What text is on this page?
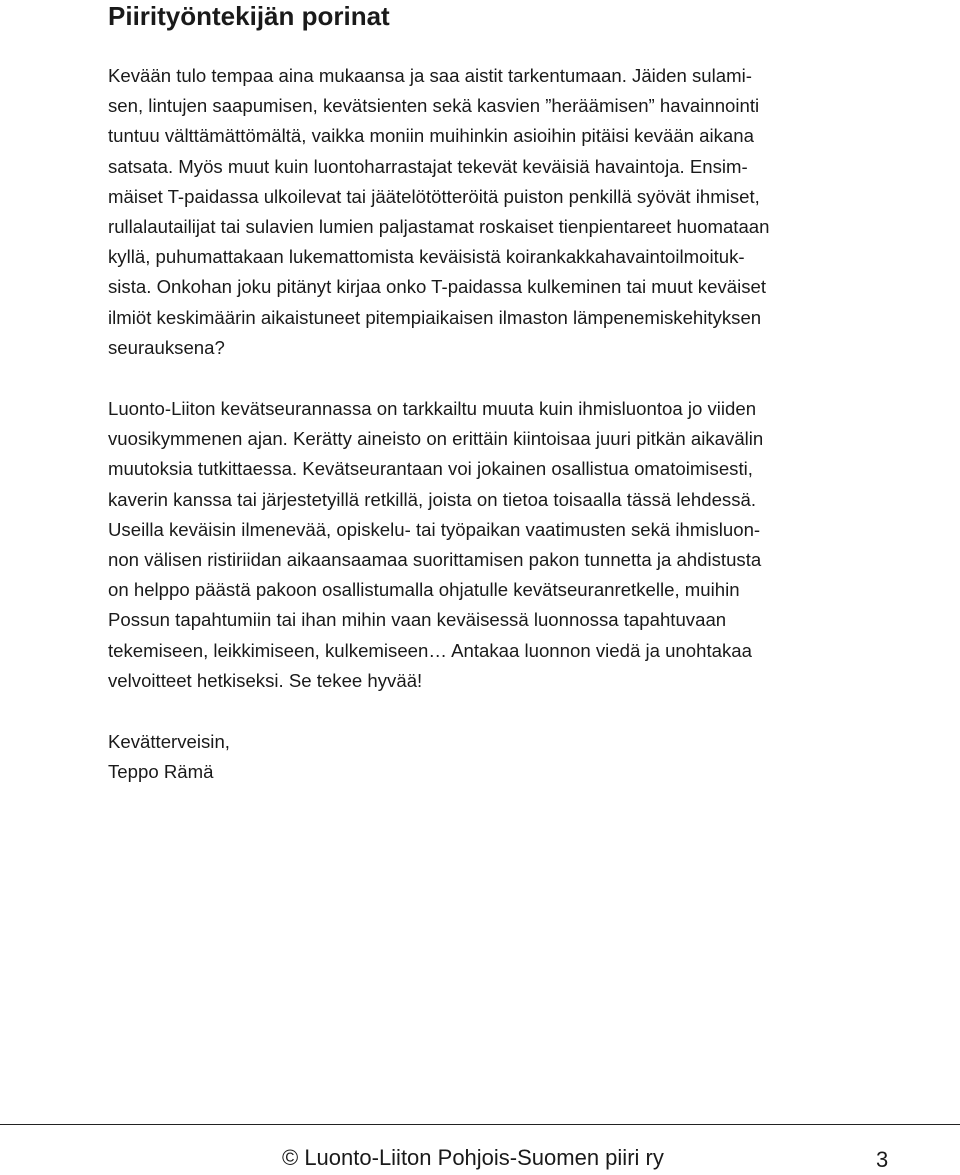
Piirityöntekijän porinat
Kevään tulo tempaa aina mukaansa ja saa aistit tarkentumaan. Jäiden sulami-
sen, lintujen saapumisen, kevätsienten sekä kasvien ”heräämisen” havainnointi
tuntuu välttämättömältä, vaikka moniin muihinkin asioihin pitäisi kevään aikana
satsata. Myös muut kuin luontoharrastajat tekevät keväisiä havaintoja. Ensim-
mäiset T-paidassa ulkoilevat tai jäätelötötteröitä puiston penkillä syövät ihmiset,
rullalautailijat tai sulavien lumien paljastamat roskaiset tienpientareet huomataan
kyllä, puhumattakaan lukemattomista keväisistä koirankakkahavaintoilmoituk-
sista. Onkohan joku pitänyt kirjaa onko T-paidassa kulkeminen tai muut keväiset
ilmiöt keskimäärin aikaistuneet pitempiaikaisen ilmaston lämpenemiskehityksen
seurauksena?
Luonto-Liiton kevätseurannassa on tarkkailtu muuta kuin ihmisluontoa jo viiden
vuosikymmenen ajan. Kerätty aineisto on erittäin kiintoisaa juuri pitkän aikavälin
muutoksia tutkittaessa. Kevätseurantaan voi jokainen osallistua omatoimisesti,
kaverin kanssa tai järjestetyillä retkillä, joista on tietoa toisaalla tässä lehdessä.
Useilla keväisin ilmenevää, opiskelu- tai työpaikan vaatimusten sekä ihmisluon-
non välisen ristiriidan aikaansaamaa suorittamisen pakon tunnetta ja ahdistusta
on helppo päästä pakoon osallistumalla ohjatulle kevätseuranretkelle, muihin
Possun tapahtumiin tai ihan mihin vaan keväisessä luonnossa tapahtuvaan
tekemiseen, leikkimiseen, kulkemiseen… Antakaa luonnon viedä ja unohtakaa
velvoitteet hetkiseksi. Se tekee hyvää!
Kevätterveisin,
Teppo Rämä
© Luonto-Liiton Pohjois-Suomen piiri ry	3
